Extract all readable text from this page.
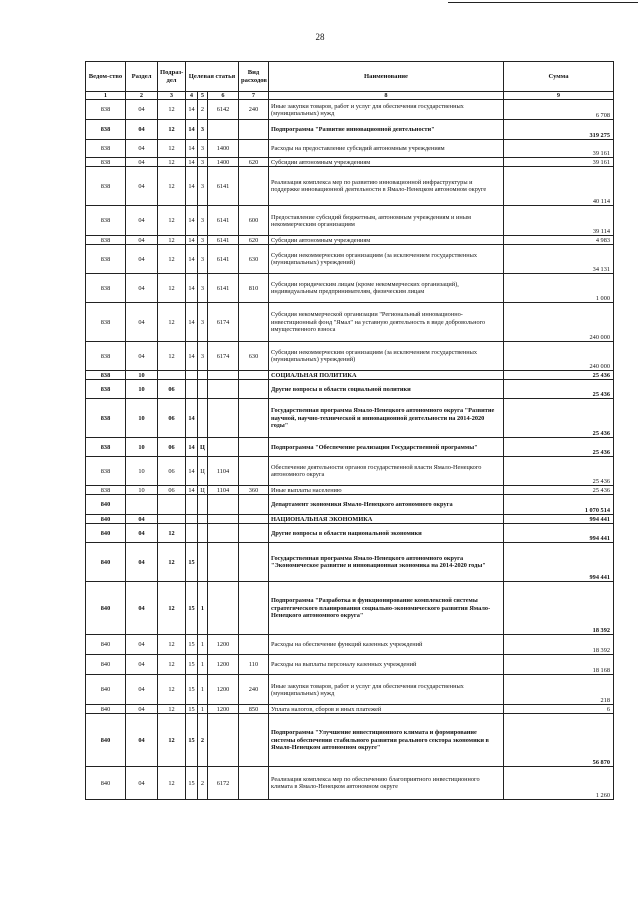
28
Ведом-ство	Раздел	Подраз-дел	Целевая статья			Вид расходов	Наименование	Сумма
1	2	3	4	5	6	7	8	9
838	04	12	14	2	6142	240	Иные закупки товаров, работ и услуг для обеспечения государственных (муниципальных) нужд	6 708
838	04	12	14	3			Подпрограмма "Развитие инновационной деятельности"	319 275
838	04	12	14	3	1400		Расходы на предоставление субсидий автономным учреждениям	39 161
838	04	12	14	3	1400	620	Субсидии автономным учреждениям	39 161
838	04	12	14	3	6141		Реализация комплекса мер по развитию инновационной инфраструктуры и поддержке инновационной деятельности в Ямало-Ненецком автономном округе	40 114
838	04	12	14	3	6141	600	Предоставление субсидий бюджетным, автономным учреждениям и иным некоммерческим организациям	39 114
838	04	12	14	3	6141	620	Субсидии автономным учреждениям	4 983
838	04	12	14	3	6141	630	Субсидии некоммерческим организациям (за исключением государственных (муниципальных) учреждений)	34 131
838	04	12	14	3	6141	810	Субсидии юридическим лицам (кроме некоммерческих организаций), индивидуальным предпринимателям, физическим лицам	1 000
838	04	12	14	3	6174		Субсидия некоммерческой организации "Региональный инновационно-инвестиционный фонд "Ямал" на уставную деятельность в виде добровольного имущественного взноса	240 000
838	04	12	14	3	6174	630	Субсидии некоммерческим организациям (за исключением государственных (муниципальных) учреждений)	240 000
838	10						СОЦИАЛЬНАЯ ПОЛИТИКА	25 436
838	10	06					Другие вопросы в области социальной политики	25 436
838	10	06	14				Государственная программа Ямало-Ненецкого автономного округа "Развитие научной, научно-технической и инновационной деятельности на 2014-2020 годы"	25 436
838	10	06	14	Ц			Подпрограмма "Обеспечение реализации Государственной программы"	25 436
838	10	06	14	Ц	1104		Обеспечение деятельности органов государственной власти Ямало-Ненецкого автономного округа	25 436
838	10	06	14	Ц	1104	360	Иные выплаты населению	25 436
840							Департамент экономики Ямало-Ненецкого автономного округа	1 070 514
840	04						НАЦИОНАЛЬНАЯ ЭКОНОМИКА	994 441
840	04	12					Другие вопросы в области национальной экономики	994 441
840	04	12	15				Государственная программа Ямало-Ненецкого автономного округа "Экономическое развитие и инновационная экономика на 2014-2020 годы"	994 441
840	04	12	15	1			Подпрограмма "Разработка и функционирование комплексной системы стратегического планирования социально-экономического развития Ямало-Ненецкого автономного округа"	18 392
840	04	12	15	1	1200		Расходы на обеспечение функций казенных учреждений	18 392
840	04	12	15	1	1200	110	Расходы на выплаты персоналу казенных учреждений	18 168
840	04	12	15	1	1200	240	Иные закупки товаров, работ и услуг для обеспечения государственных (муниципальных) нужд	218
840	04	12	15	1	1200	850	Уплата налогов, сборов и иных платежей	6
840	04	12	15	2			Подпрограмма "Улучшение инвестиционного климата и формирование системы обеспечения стабильного развития реального сектора экономики в Ямало-Ненецком автономном округе"	56 870
840	04	12	15	2	6172		Реализация комплекса мер по обеспечению благоприятного инвестиционного климата в Ямало-Ненецком автономном округе	1 260
